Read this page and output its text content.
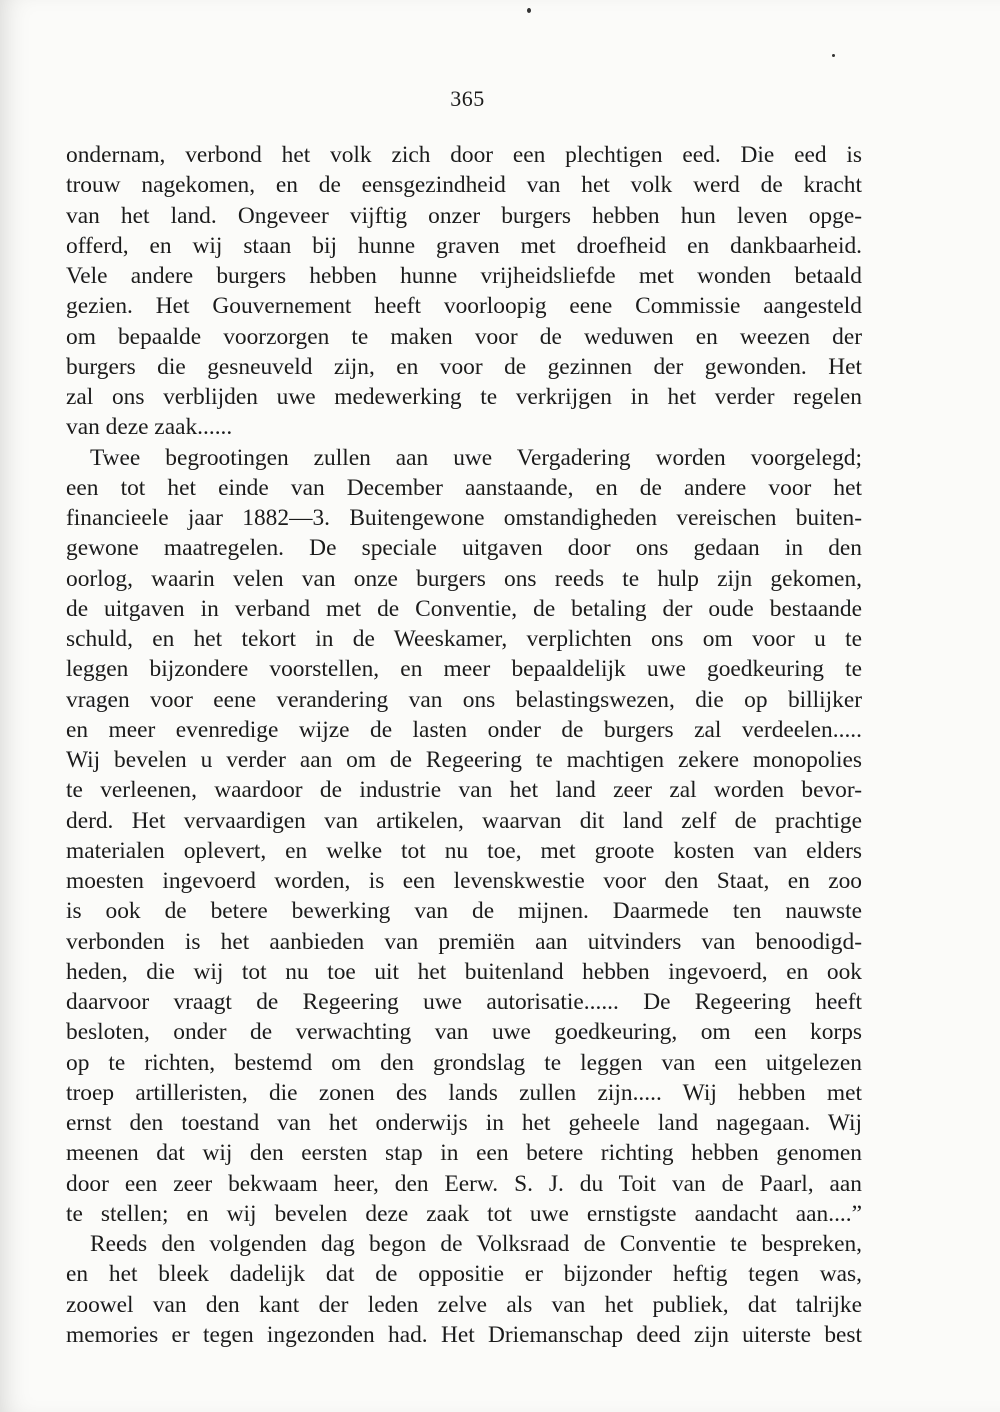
365
ondernam, verbond het volk zich door een plechtigen eed. Die eed is
trouw nagekomen, en de eensgezindheid van het volk werd de kracht
van het land. Ongeveer vijftig onzer burgers hebben hun leven opge-
offerd, en wij staan bij hunne graven met droefheid en dankbaarheid.
Vele andere burgers hebben hunne vrijheidsliefde met wonden betaald
gezien. Het Gouvernement heeft voorloopig eene Commissie aangesteld
om bepaalde voorzorgen te maken voor de weduwen en weezen der
burgers die gesneuveld zijn, en voor de gezinnen der gewonden. Het
zal ons verblijden uwe medewerking te verkrijgen in het verder regelen
van deze zaak......
Twee begrootingen zullen aan uwe Vergadering worden voorgelegd;
een tot het einde van December aanstaande, en de andere voor het
financieele jaar 1882—3. Buitengewone omstandigheden vereischen buiten-
gewone maatregelen. De speciale uitgaven door ons gedaan in den
oorlog, waarin velen van onze burgers ons reeds te hulp zijn gekomen,
de uitgaven in verband met de Conventie, de betaling der oude bestaande
schuld, en het tekort in de Weeskamer, verplichten ons om voor u te
leggen bijzondere voorstellen, en meer bepaaldelijk uwe goedkeuring te
vragen voor eene verandering van ons belastingswezen, die op billijker
en meer evenredige wijze de lasten onder de burgers zal verdeelen.....
Wij bevelen u verder aan om de Regeering te machtigen zekere monopolies
te verleenen, waardoor de industrie van het land zeer zal worden bevor-
derd. Het vervaardigen van artikelen, waarvan dit land zelf de prachtige
materialen oplevert, en welke tot nu toe, met groote kosten van elders
moesten ingevoerd worden, is een levenskwestie voor den Staat, en zoo
is ook de betere bewerking van de mijnen. Daarmede ten nauwste
verbonden is het aanbieden van premiën aan uitvinders van benoodigd-
heden, die wij tot nu toe uit het buitenland hebben ingevoerd, en ook
daarvoor vraagt de Regeering uwe autorisatie...... De Regeering heeft
besloten, onder de verwachting van uwe goedkeuring, om een korps
op te richten, bestemd om den grondslag te leggen van een uitgelezen
troep artilleristen, die zonen des lands zullen zijn..... Wij hebben met
ernst den toestand van het onderwijs in het geheele land nagegaan. Wij
meenen dat wij den eersten stap in een betere richting hebben genomen
door een zeer bekwaam heer, den Eerw. S. J. du Toit van de Paarl, aan
te stellen; en wij bevelen deze zaak tot uwe ernstigste aandacht aan....”
Reeds den volgenden dag begon de Volksraad de Conventie te bespreken,
en het bleek dadelijk dat de oppositie er bijzonder heftig tegen was,
zoowel van den kant der leden zelve als van het publiek, dat talrijke
memories er tegen ingezonden had. Het Driemanschap deed zijn uiterste best
